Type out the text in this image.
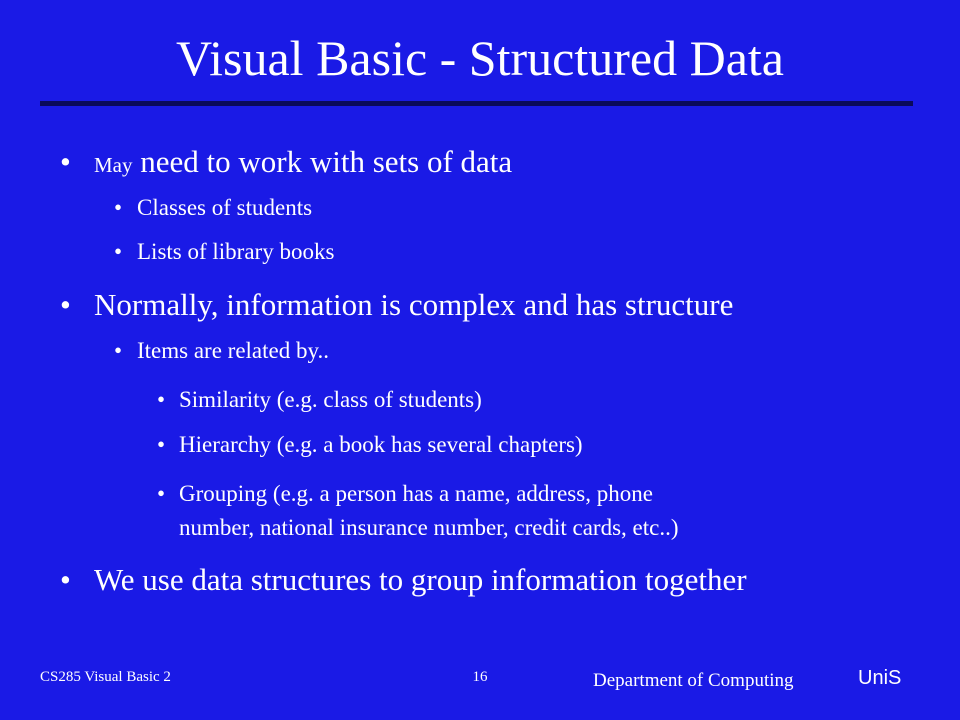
Visual Basic - Structured Data
• May need to work with sets of data
• Classes of students
• Lists of library books
• Normally, information is complex and has structure
• Items are related by..
• Similarity (e.g. class of students)
• Hierarchy (e.g. a book has several chapters)
• Grouping (e.g. a person has a name, address, phone
number, national insurance number, credit cards, etc..)
• We use data structures to group information together
CS285 Visual Basic 2	16	Department of Computing	UniS
